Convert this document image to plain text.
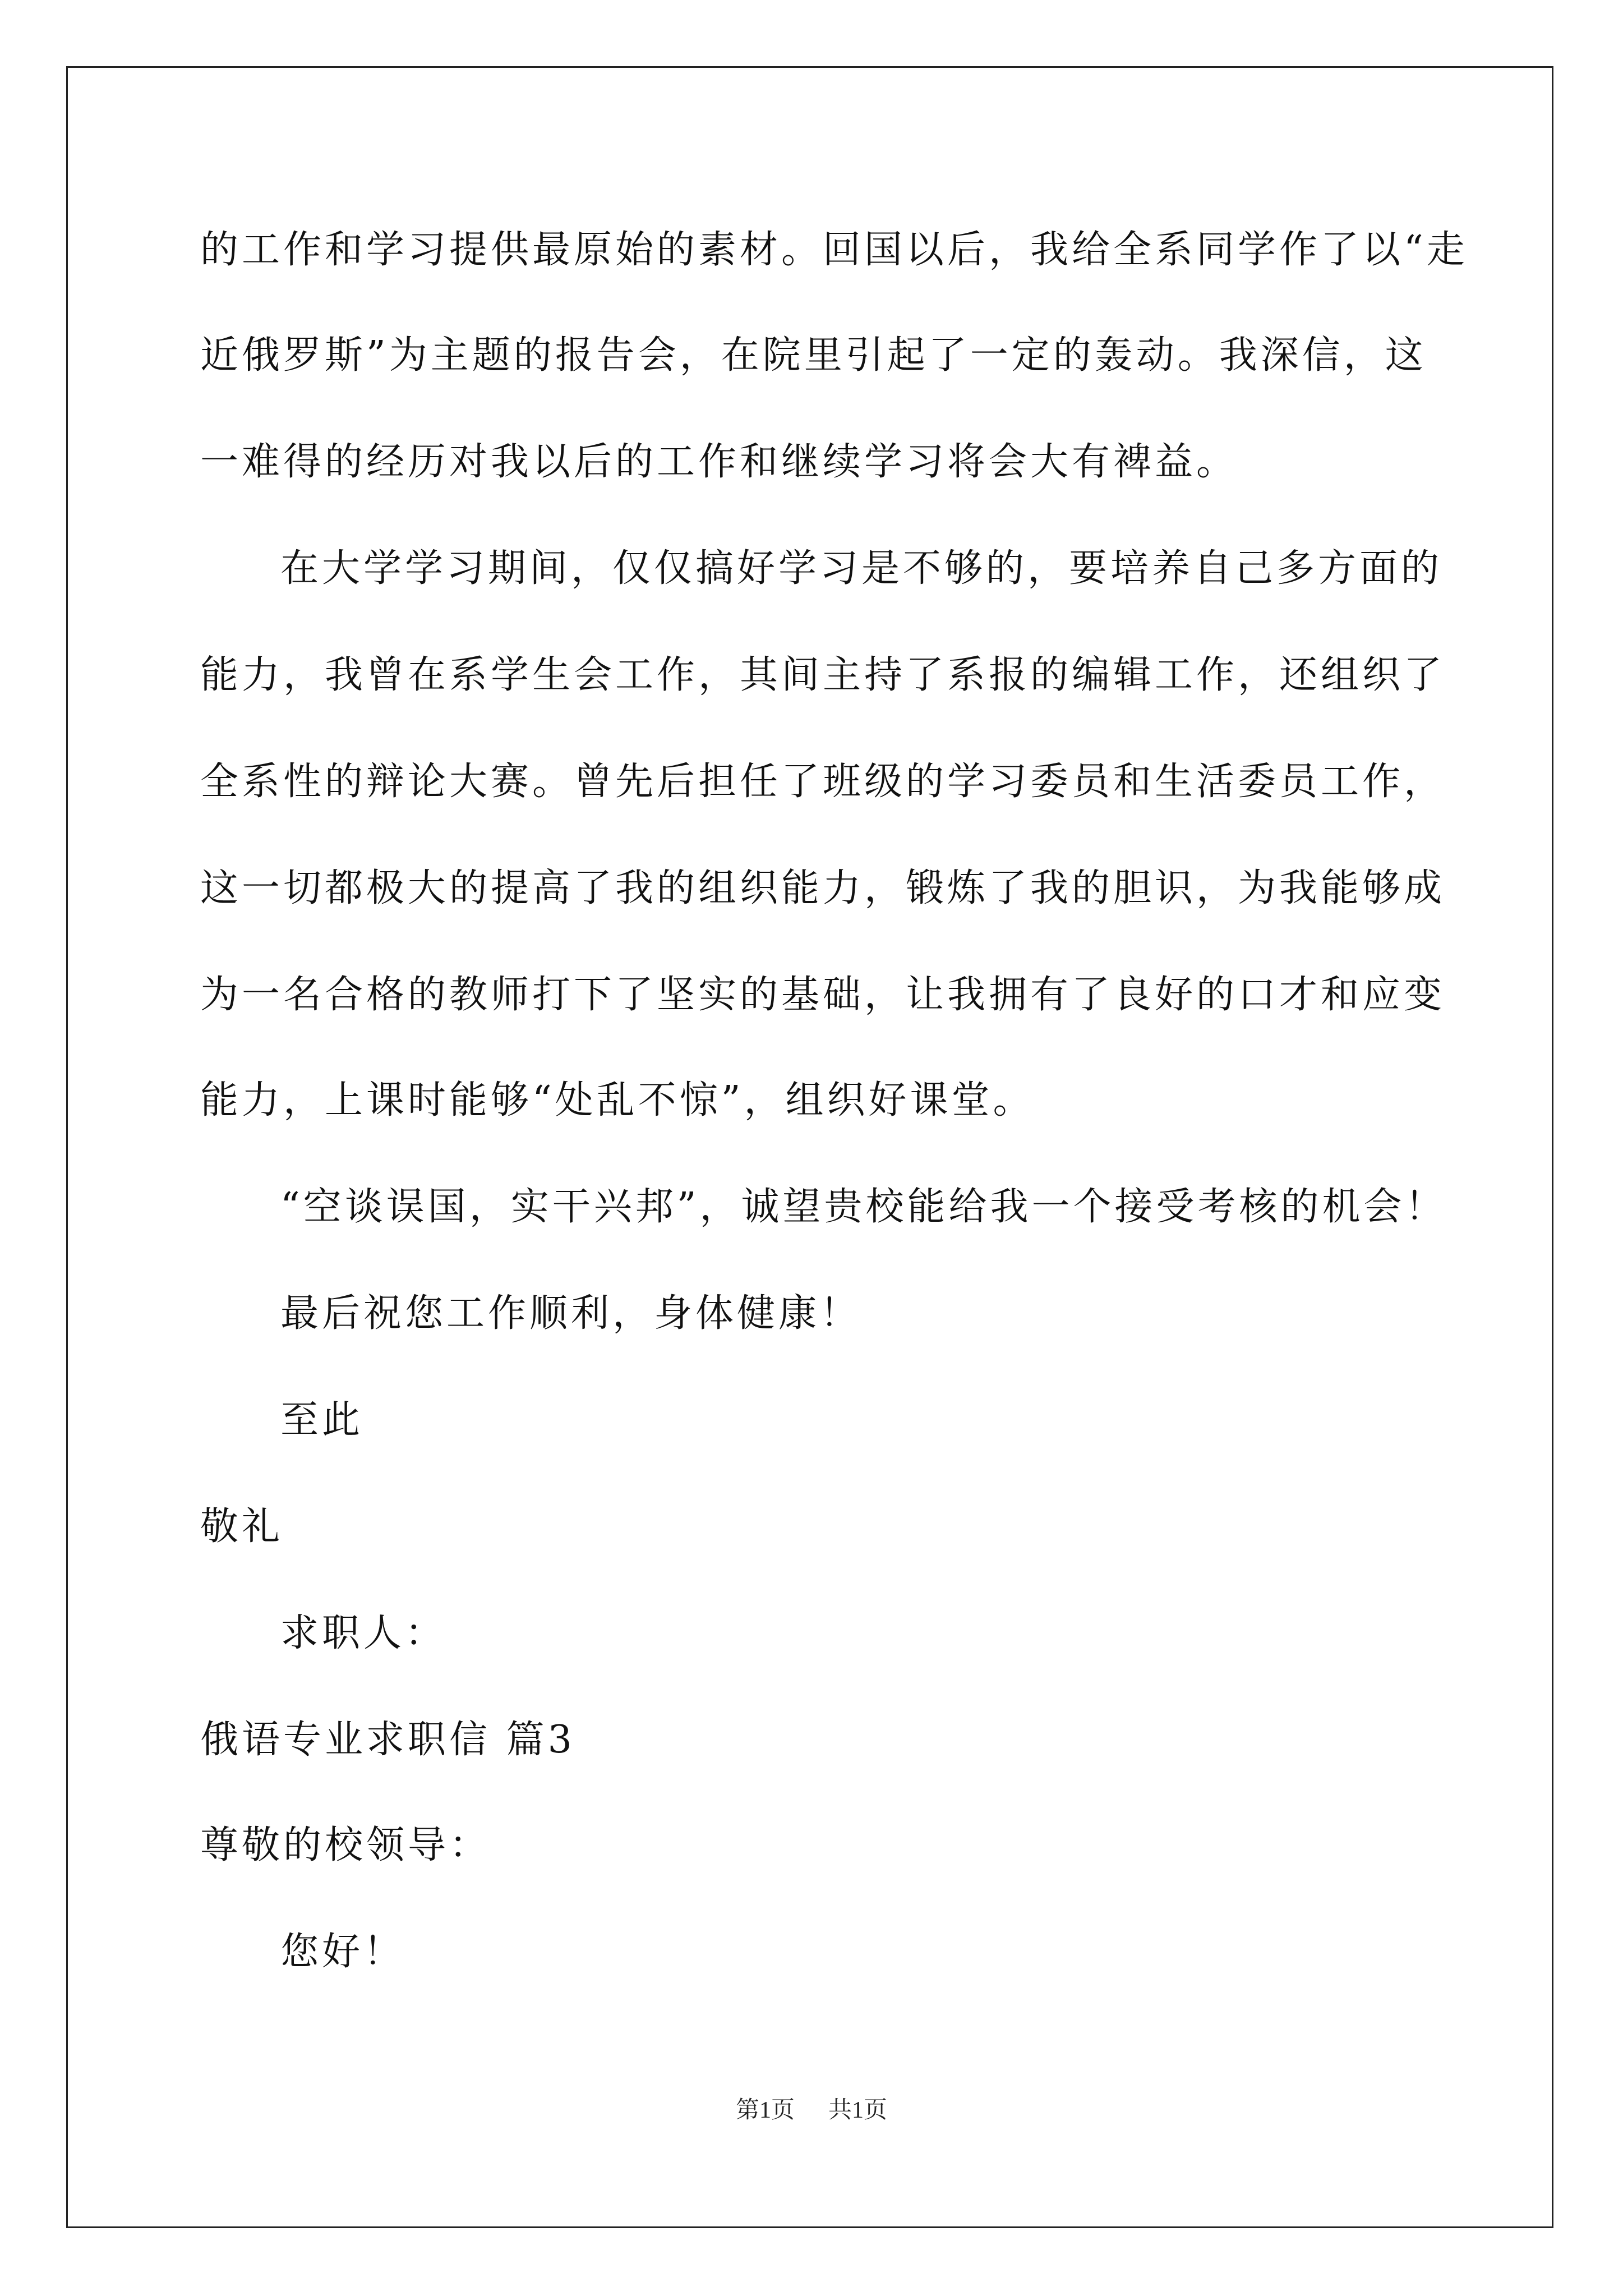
的工作和学习提供最原始的素材。回国以后，我给全系同学作了以“走
近俄罗斯”为主题的报告会，在院里引起了一定的轰动。我深信，这
一难得的经历对我以后的工作和继续学习将会大有裨益。
在大学学习期间，仅仅搞好学习是不够的，要培养自己多方面的
能力，我曾在系学生会工作，其间主持了系报的编辑工作，还组织了
全系性的辩论大赛。曾先后担任了班级的学习委员和生活委员工作，
这一切都极大的提高了我的组织能力，锻炼了我的胆识，为我能够成
为一名合格的教师打下了坚实的基础，让我拥有了良好的口才和应变
能力，上课时能够“处乱不惊”，组织好课堂。
“空谈误国，实干兴邦”，诚望贵校能给我一个接受考核的机会！
最后祝您工作顺利，身体健康！
至此
敬礼
求职人：
俄语专业求职信 篇3
尊敬的校领导：
您好！
第1页 共1页
